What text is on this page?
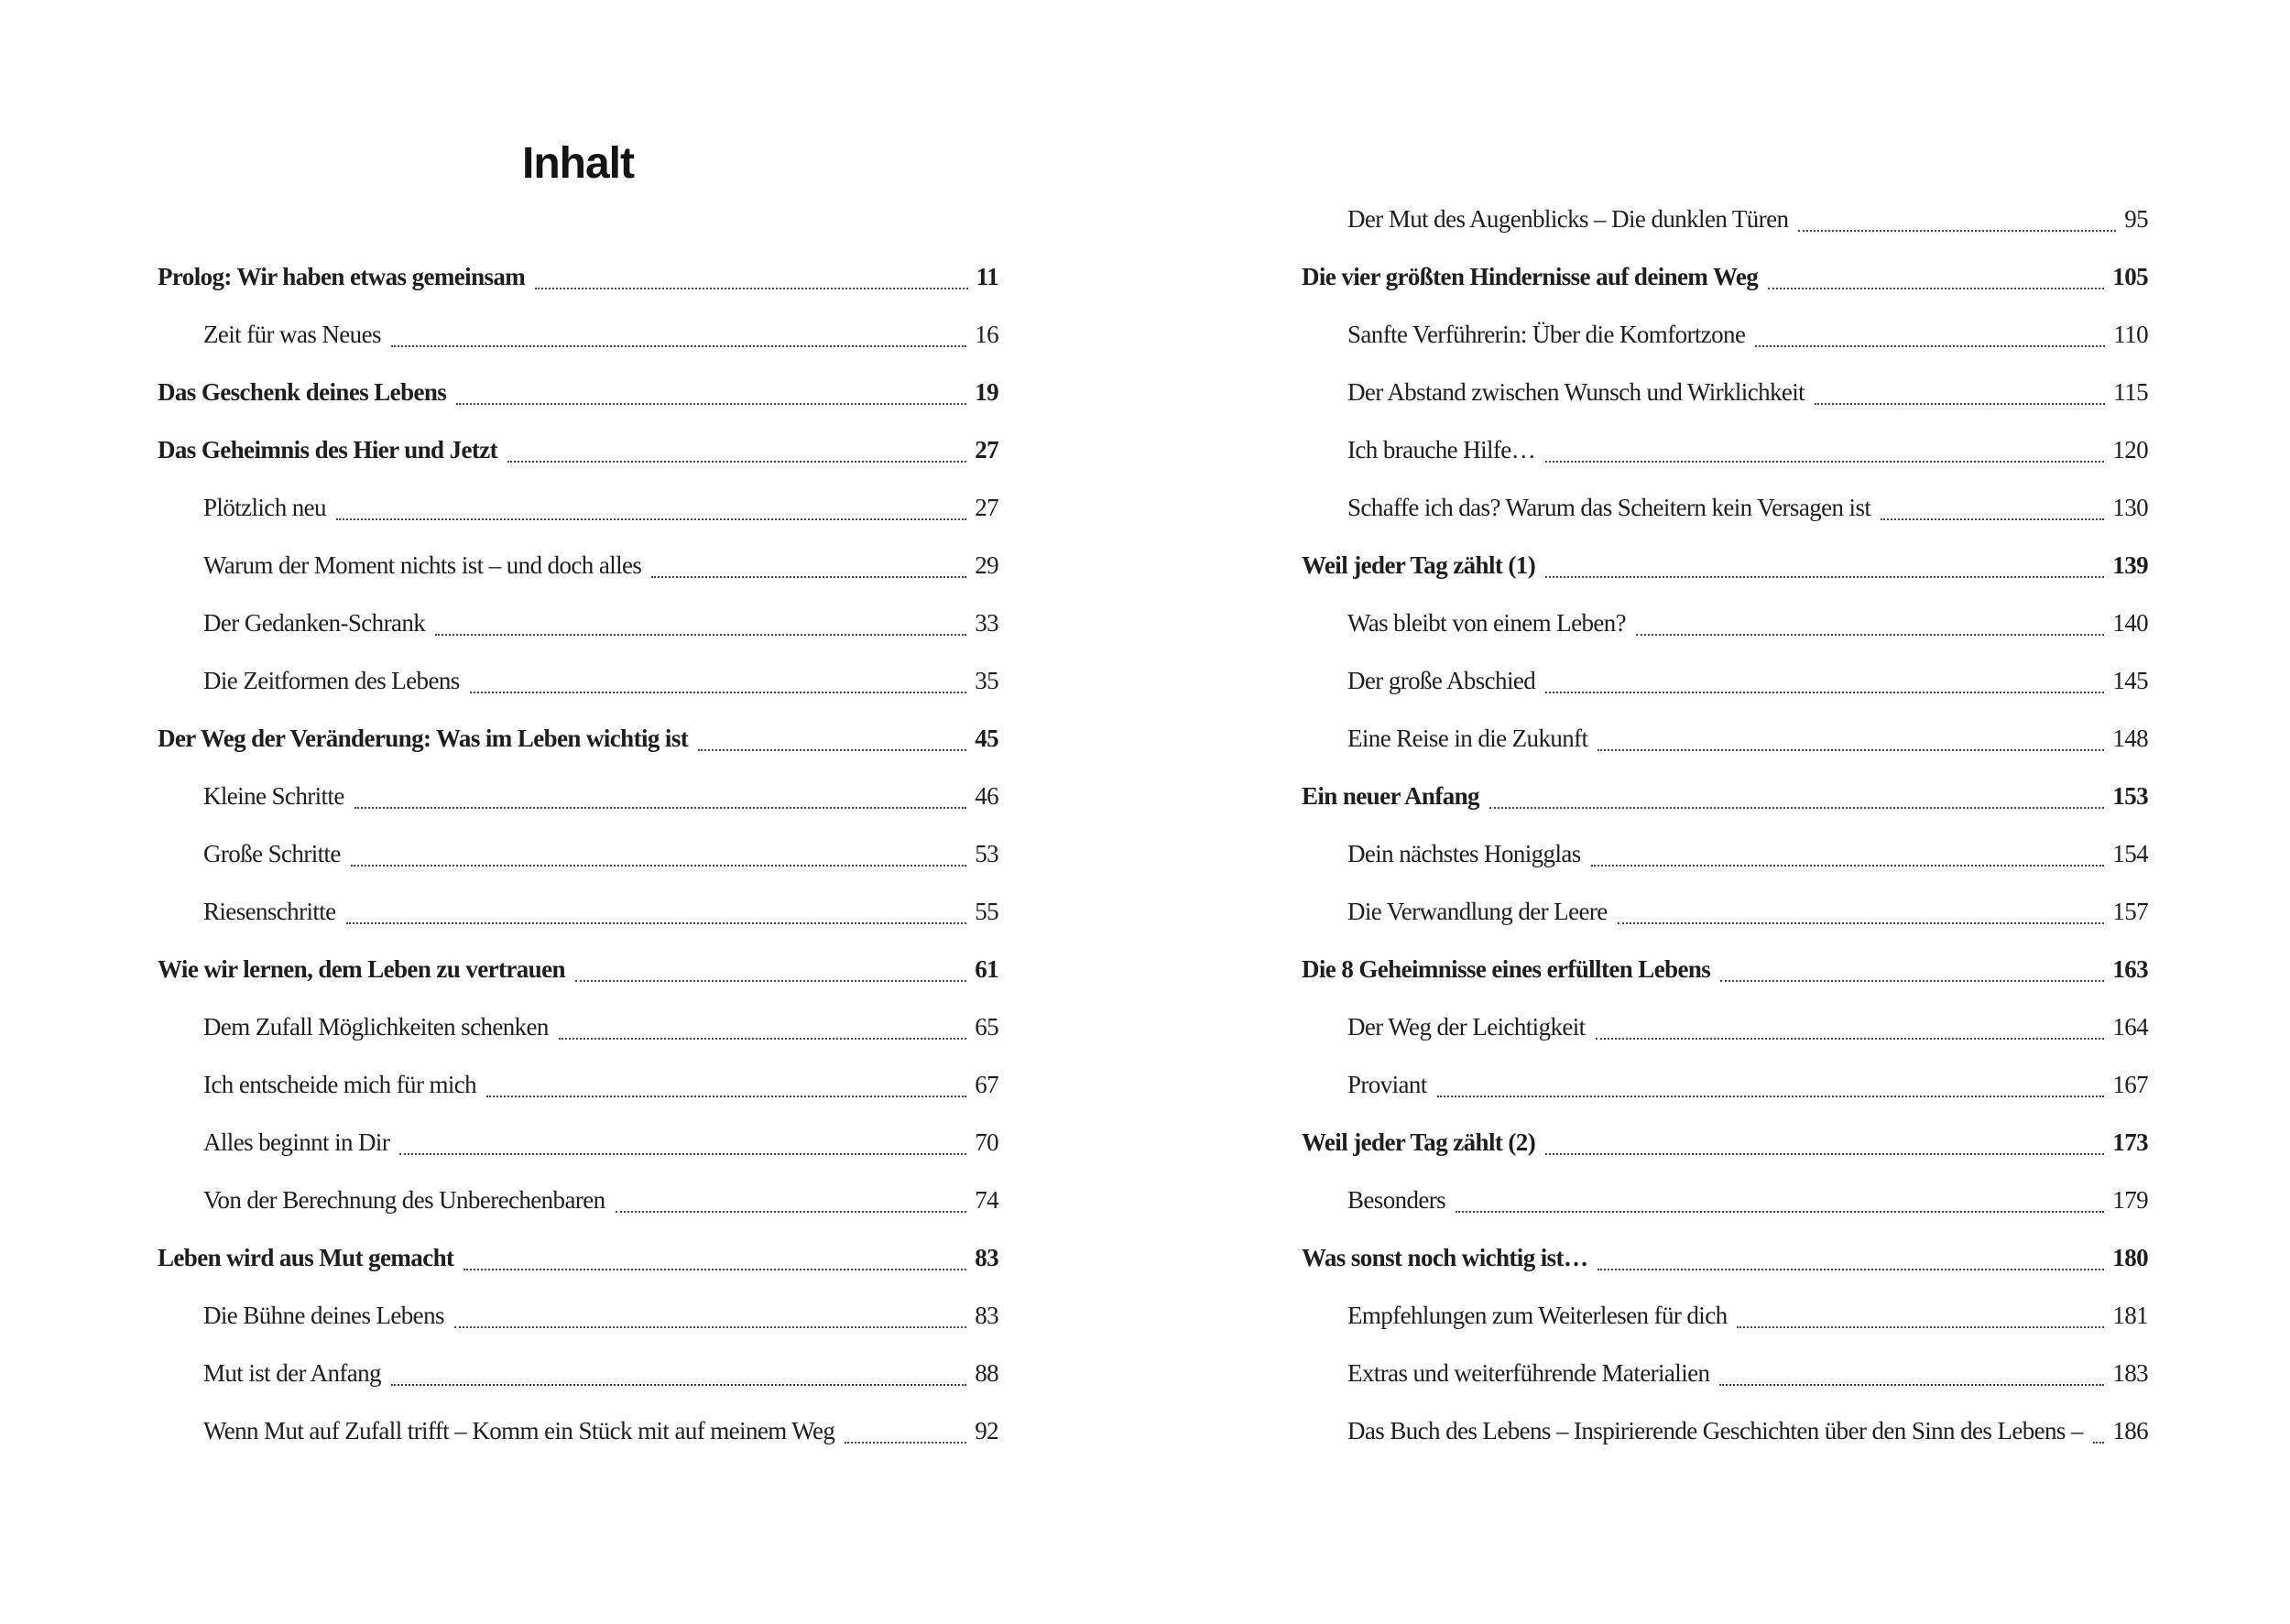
Inhalt
Prolog: Wir haben etwas gemeinsam	11
Zeit für was Neues	16
Das Geschenk deines Lebens	19
Das Geheimnis des Hier und Jetzt	27
Plötzlich neu	27
Warum der Moment nichts ist – und doch alles	29
Der Gedanken-Schrank	33
Die Zeitformen des Lebens	35
Der Weg der Veränderung: Was im Leben wichtig ist	45
Kleine Schritte	46
Große Schritte	53
Riesenschritte	55
Wie wir lernen, dem Leben zu vertrauen	61
Dem Zufall Möglichkeiten schenken	65
Ich entscheide mich für mich	67
Alles beginnt in Dir	70
Von der Berechnung des Unberechenbaren	74
Leben wird aus Mut gemacht	83
Die Bühne deines Lebens	83
Mut ist der Anfang	88
Wenn Mut auf Zufall trifft – Komm ein Stück mit auf meinem Weg	92
Der Mut des Augenblicks – Die dunklen Türen	95
Die vier größten Hindernisse auf deinem Weg	105
Sanfte Verführerin: Über die Komfortzone	110
Der Abstand zwischen Wunsch und Wirklichkeit	115
Ich brauche Hilfe…	120
Schaffe ich das? Warum das Scheitern kein Versagen ist	130
Weil jeder Tag zählt (1)	139
Was bleibt von einem Leben?	140
Der große Abschied	145
Eine Reise in die Zukunft	148
Ein neuer Anfang	153
Dein nächstes Honigglas	154
Die Verwandlung der Leere	157
Die 8 Geheimnisse eines erfüllten Lebens	163
Der Weg der Leichtigkeit	164
Proviant	167
Weil jeder Tag zählt (2)	173
Besonders	179
Was sonst noch wichtig ist…	180
Empfehlungen zum Weiterlesen für dich	181
Extras und weiterführende Materialien	183
Das Buch des Lebens – Inspirierende Geschichten über den Sinn des Lebens – 186
